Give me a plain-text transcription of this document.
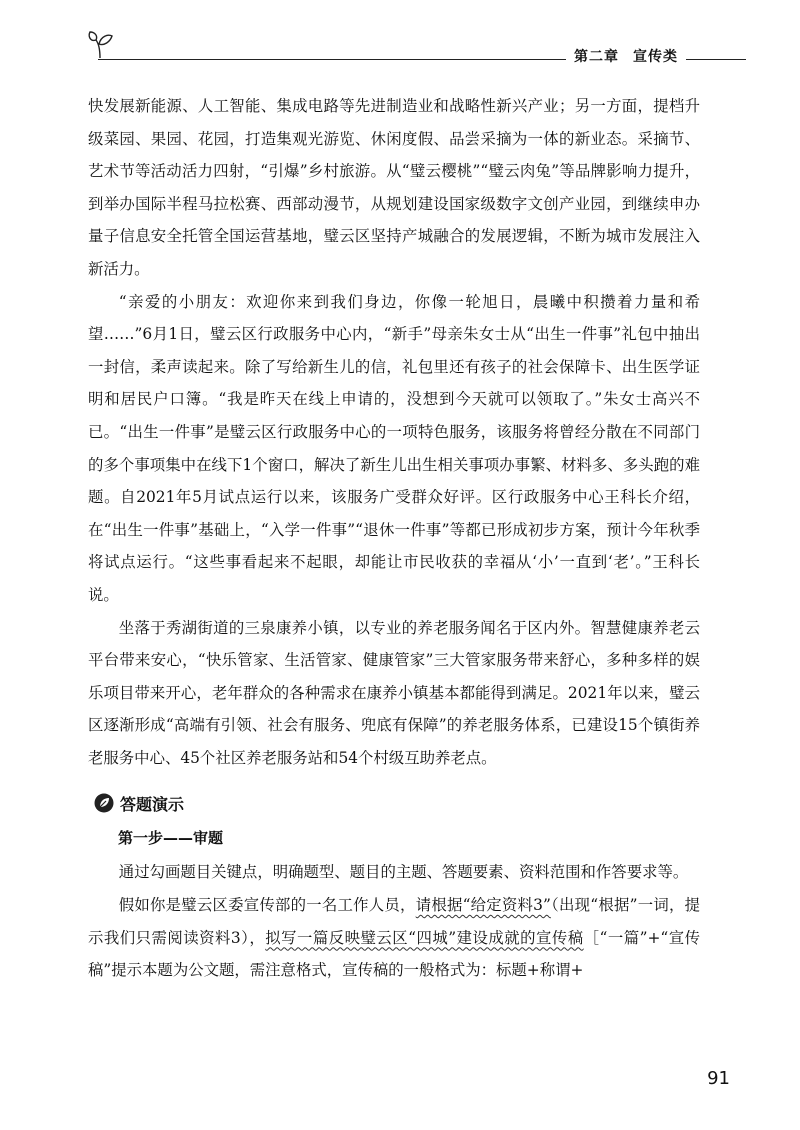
第二章 宣传类

快发展新能源、人工智能、集成电路等先进制造业和战略性新兴产业；另一方面，提档升级菜园、果园、花园，打造集观光游览、休闲度假、品尝采摘为一体的新业态。采摘节、艺术节等活动活力四射，“引爆”乡村旅游。从“璧云樱桃”“璧云肉兔”等品牌影响力提升，到举办国际半程马拉松赛、西部动漫节，从规划建设国家级数字文创产业园，到继续申办量子信息安全托管全国运营基地，璧云区坚持产城融合的发展逻辑，不断为城市发展注入新活力。

“亲爱的小朋友：欢迎你来到我们身边，你像一轮旭日，晨曦中积攒着力量和希望……”6月1日，璧云区行政服务中心内，“新手”母亲朱女士从“出生一件事”礼包中抽出一封信，柔声读起来。除了写给新生儿的信，礼包里还有孩子的社会保障卡、出生医学证明和居民户口簿。“我是昨天在线上申请的，没想到今天就可以领取了。”朱女士高兴不已。“出生一件事”是璧云区行政服务中心的一项特色服务，该服务将曾经分散在不同部门的多个事项集中在线下1个窗口，解决了新生儿出生相关事项办事繁、材料多、多头跑的难题。自2021年5月试点运行以来，该服务广受群众好评。区行政服务中心王科长介绍，在“出生一件事”基础上，“入学一件事”“退休一件事”等都已形成初步方案，预计今年秋季将试点运行。“这些事看起来不起眼，却能让市民收获的幸福从‘小’一直到‘老’。”王科长说。

坐落于秀湖街道的三泉康养小镇，以专业的养老服务闻名于区内外。智慧健康养老云平台带来安心，“快乐管家、生活管家、健康管家”三大管家服务带来舒心，多种多样的娱乐项目带来开心，老年群众的各种需求在康养小镇基本都能得到满足。2021年以来，璧云区逐渐形成“高端有引领、社会有服务、兜底有保障”的养老服务体系，已建设15个镇街养老服务中心、45个社区养老服务站和54个村级互助养老点。

答题演示
第一步——审题

通过勾画题目关键点，明确题型、题目的主题、答题要素、资料范围和作答要求等。

假如你是璧云区委宣传部的一名工作人员，请根据“给定资料3”（出现“根据”一词，提示我们只需阅读资料3），拟写一篇反映璧云区“四城”建设成就的宣传稿［“一篇”+“宣传稿”提示本题为公文题，需注意格式，宣传稿的一般格式为：标题+称谓+

91
